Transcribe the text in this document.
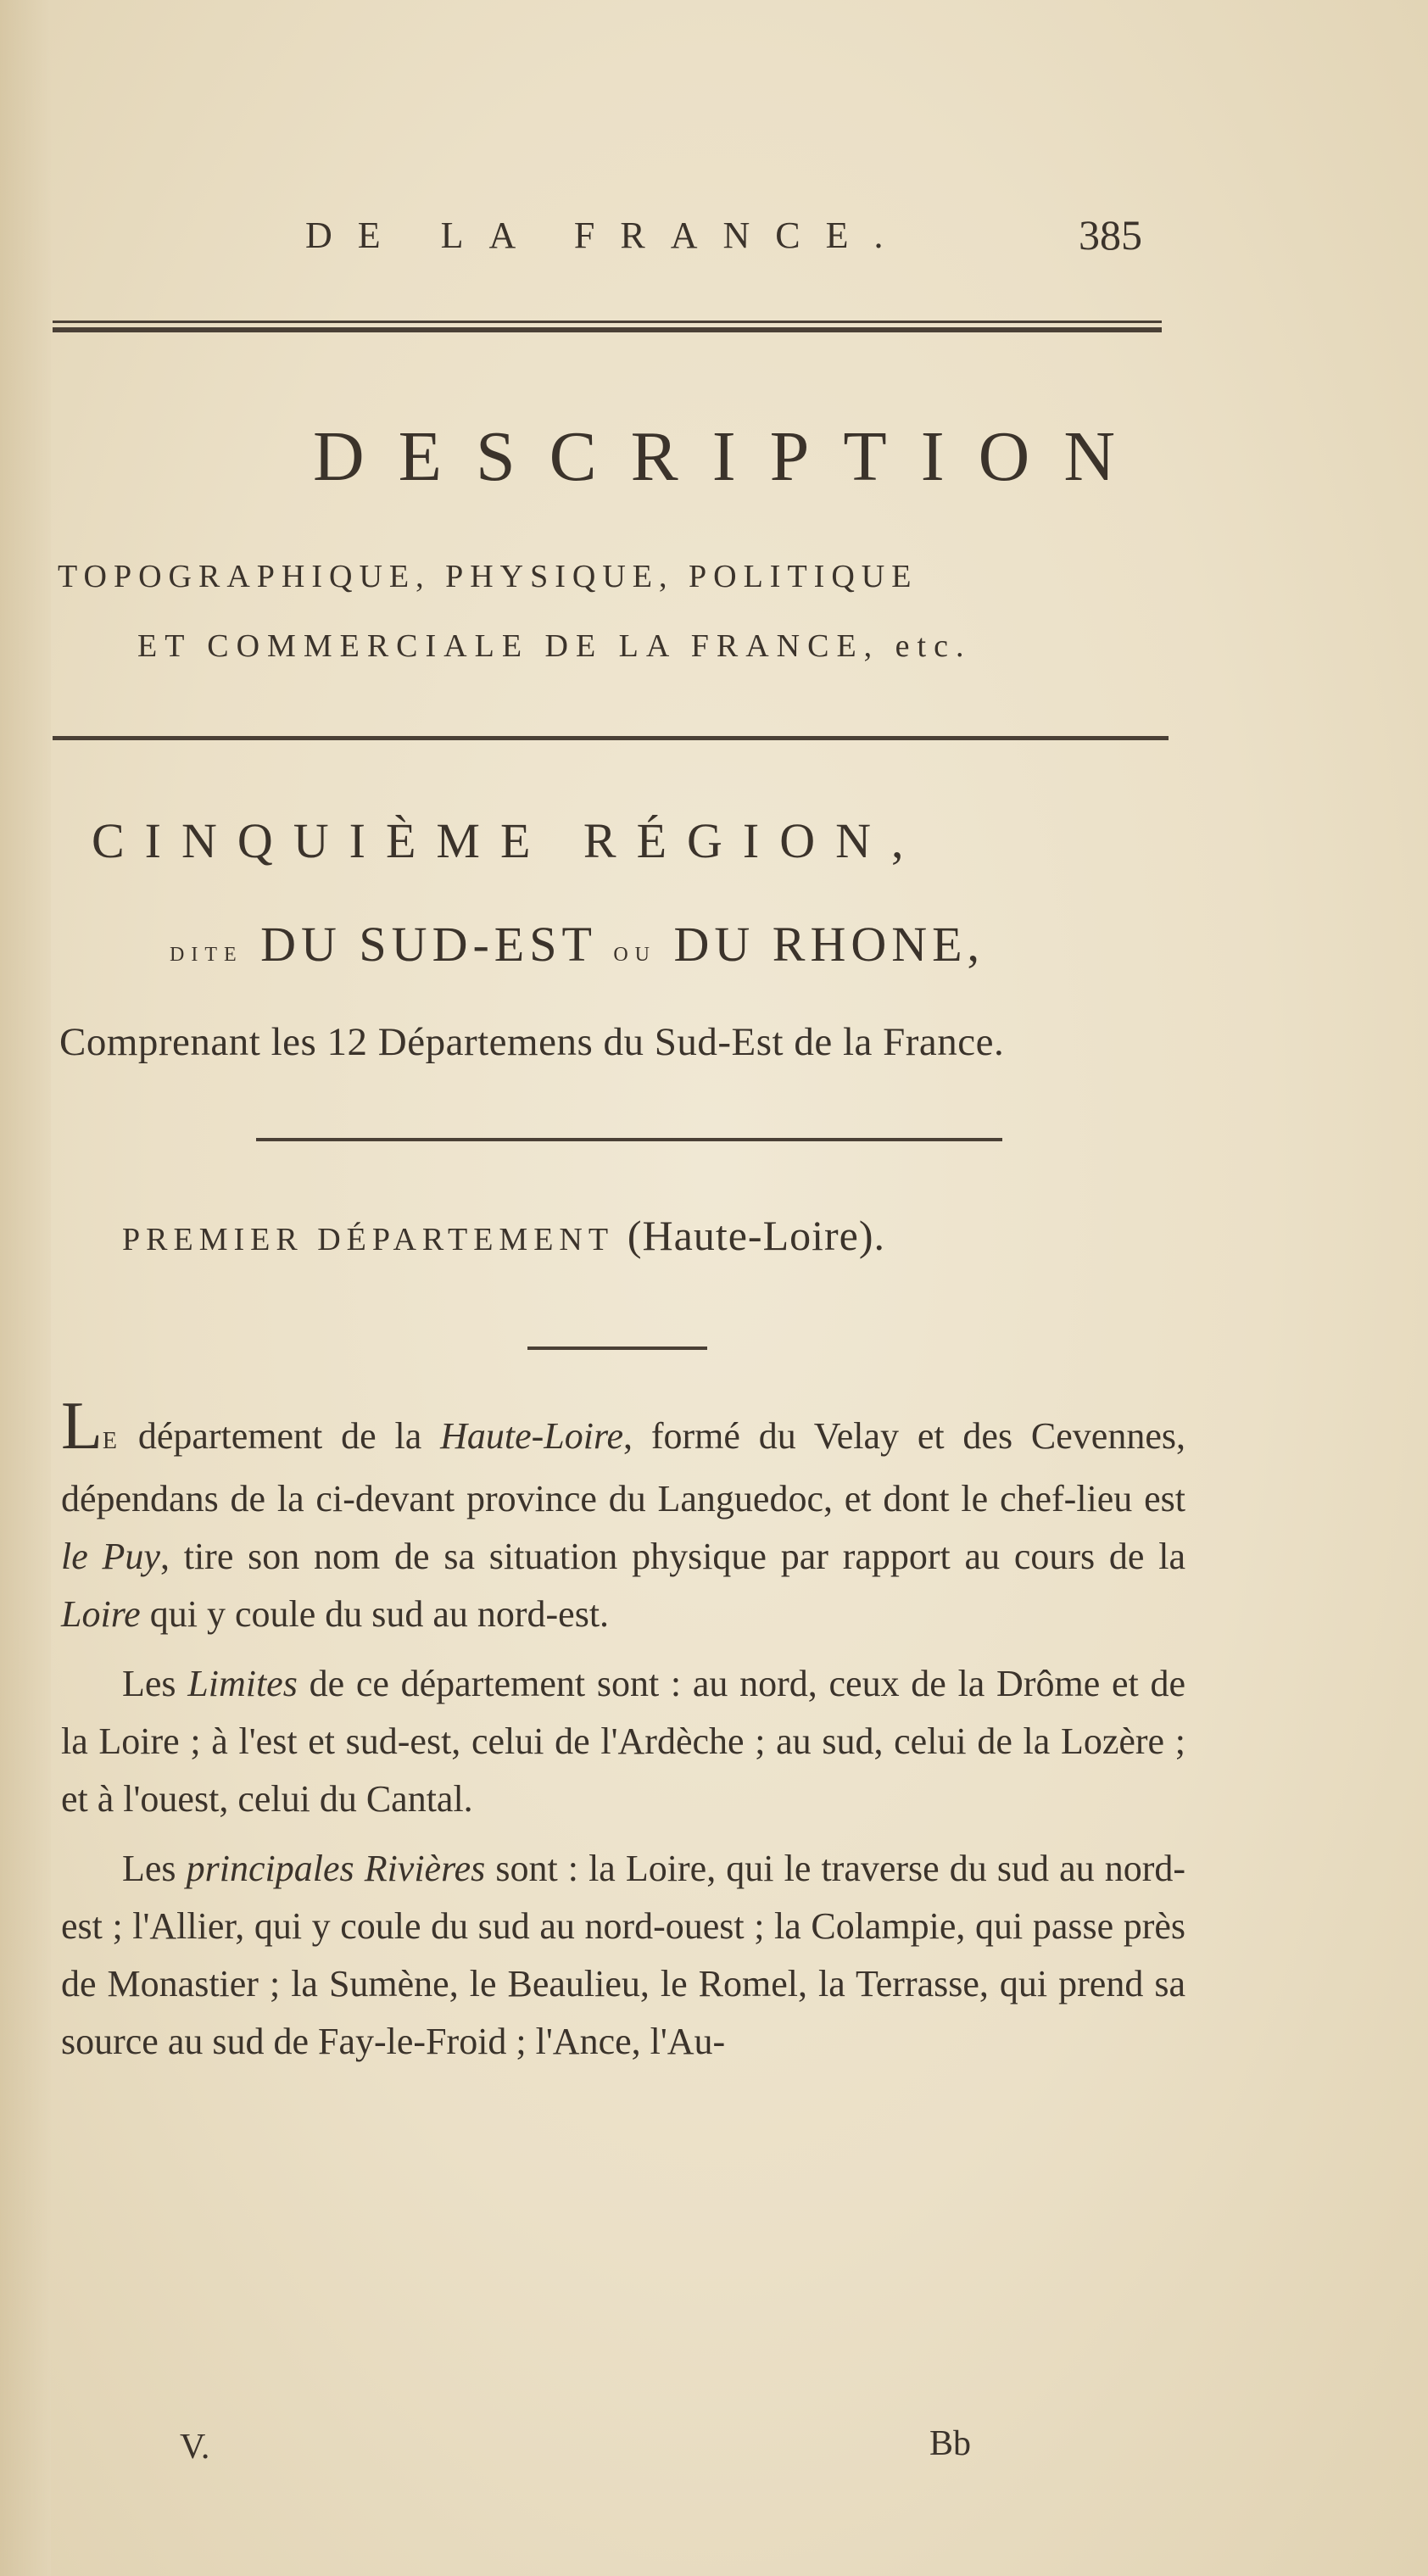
DE LA FRANCE.	385
DESCRIPTION
TOPOGRAPHIQUE, PHYSIQUE, POLITIQUE
ET COMMERCIALE DE LA FRANCE, etc.
CINQUIÈME RÉGION,
DITE DU SUD-EST OU DU RHONE,
Comprenant les 12 Départemens du Sud-Est de la France.
PREMIER DÉPARTEMENT (Haute-Loire).

LE département de la Haute-Loire, formé du Velay et des Cevennes, dépendans de la ci-devant province du Languedoc, et dont le chef-lieu est le Puy, tire son nom de sa situation physique par rapport au cours de la Loire qui y coule du sud au nord-est.

Les Limites de ce département sont : au nord, ceux de la Drôme et de la Loire ; à l'est et sud-est, celui de l'Ardèche ; au sud, celui de la Lozère ; et à l'ouest, celui du Cantal.

Les principales Rivières sont : la Loire, qui le traverse du sud au nord-est ; l'Allier, qui y coule du sud au nord-ouest ; la Colampie, qui passe près de Monastier ; la Sumène, le Beaulieu, le Romel, la Terrasse, qui prend sa source au sud de Fay-le-Froid ; l'Ance, l'Au-

V.	Bb
